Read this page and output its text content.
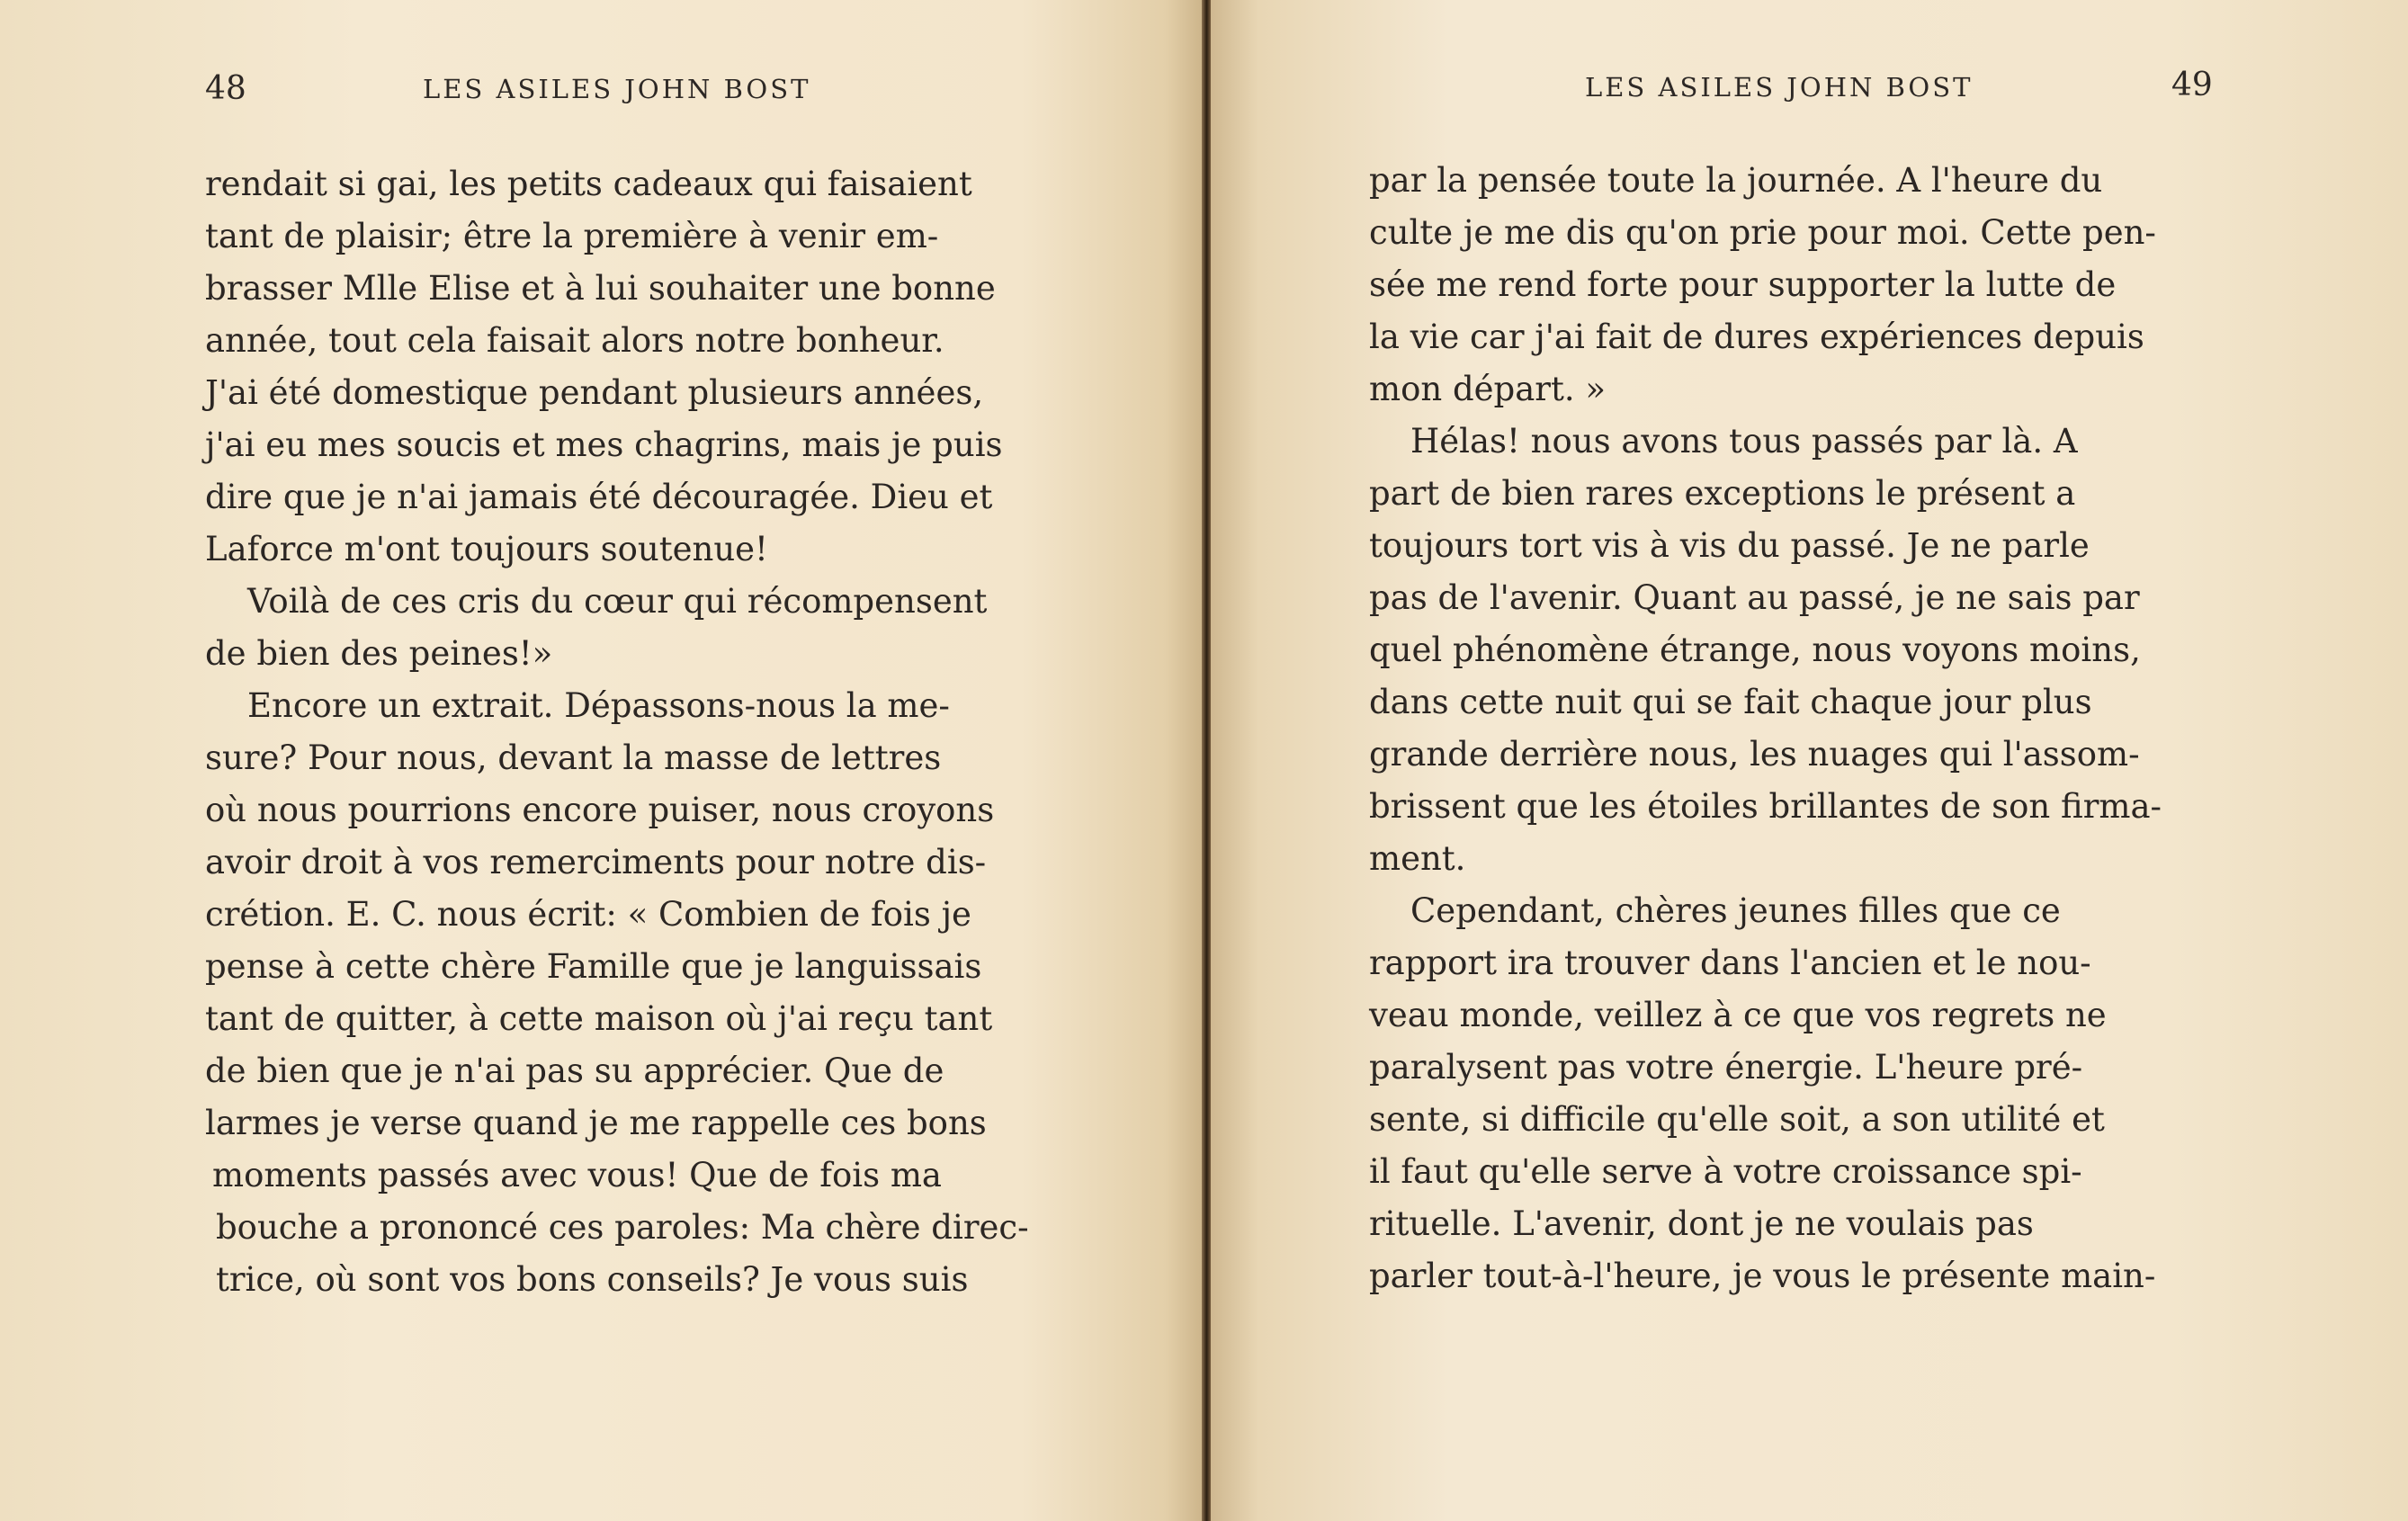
48	LES ASILES JOHN BOST
rendait si gai, les petits cadeaux qui faisaient
tant de plaisir; être la première à venir em-
brasser Mlle Elise et à lui souhaiter une bonne
année, tout cela faisait alors notre bonheur.
J'ai été domestique pendant plusieurs années,
j'ai eu mes soucis et mes chagrins, mais je puis
dire que je n'ai jamais été découragée. Dieu et
Laforce m'ont toujours soutenue!
Voilà de ces cris du cœur qui récompensent
de bien des peines!»
Encore un extrait. Dépassons-nous la me-
sure? Pour nous, devant la masse de lettres
où nous pourrions encore puiser, nous croyons
avoir droit à vos remerciments pour notre dis-
crétion. E. C. nous écrit: « Combien de fois je
pense à cette chère Famille que je languissais
tant de quitter, à cette maison où j'ai reçu tant
de bien que je n'ai pas su apprécier. Que de
larmes je verse quand je me rappelle ces bons
moments passés avec vous! Que de fois ma
bouche a prononcé ces paroles: Ma chère direc-
trice, où sont vos bons conseils? Je vous suis
LES ASILES JOHN BOST	49
par la pensée toute la journée. A l'heure du
culte je me dis qu'on prie pour moi. Cette pen-
sée me rend forte pour supporter la lutte de
la vie car j'ai fait de dures expériences depuis
mon départ. »
Hélas! nous avons tous passés par là. A
part de bien rares exceptions le présent a
toujours tort vis à vis du passé. Je ne parle
pas de l'avenir. Quant au passé, je ne sais par
quel phénomène étrange, nous voyons moins,
dans cette nuit qui se fait chaque jour plus
grande derrière nous, les nuages qui l'assom-
brissent que les étoiles brillantes de son firma-
ment.
Cependant, chères jeunes filles que ce
rapport ira trouver dans l'ancien et le nou-
veau monde, veillez à ce que vos regrets ne
paralysent pas votre énergie. L'heure pré-
sente, si difficile qu'elle soit, a son utilité et
il faut qu'elle serve à votre croissance spi-
rituelle. L'avenir, dont je ne voulais pas
parler tout-à-l'heure, je vous le présente main-
